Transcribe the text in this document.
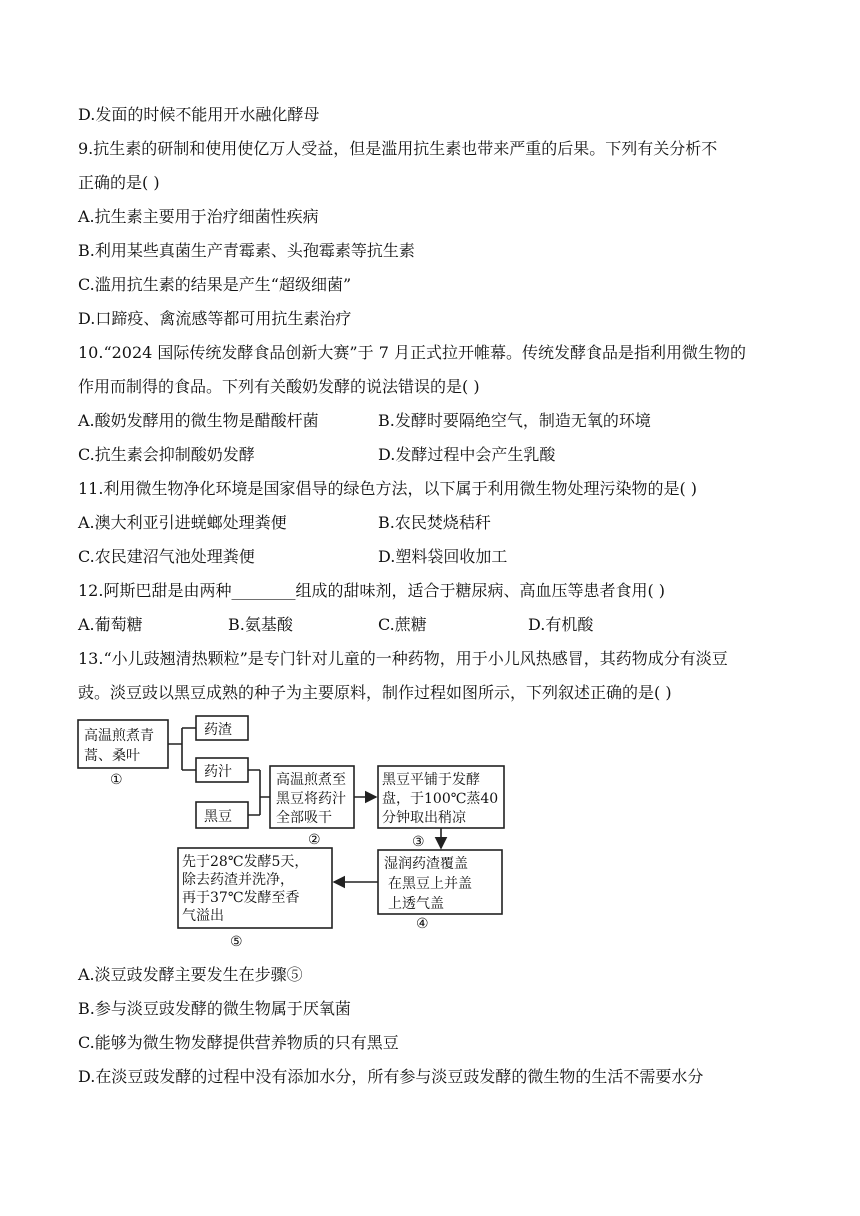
D.发面的时候不能用开水融化酵母
9.抗生素的研制和使用使亿万人受益，但是滥用抗生素也带来严重的后果。下列有关分析不
正确的是( )
A.抗生素主要用于治疗细菌性疾病
B.利用某些真菌生产青霉素、头孢霉素等抗生素
C.滥用抗生素的结果是产生“超级细菌”
D.口蹄疫、禽流感等都可用抗生素治疗
10.“2024 国际传统发酵食品创新大赛”于 7 月正式拉开帷幕。传统发酵食品是指利用微生物的
作用而制得的食品。下列有关酸奶发酵的说法错误的是( )
A.酸奶发酵用的微生物是醋酸杆菌	B.发酵时要隔绝空气，制造无氧的环境
C.抗生素会抑制酸奶发酵	D.发酵过程中会产生乳酸
11.利用微生物净化环境是国家倡导的绿色方法，以下属于利用微生物处理污染物的是( )
A.澳大利亚引进蜣螂处理粪便	B.农民焚烧秸秆
C.农民建沼气池处理粪便	D.塑料袋回收加工
12.阿斯巴甜是由两种________组成的甜味剂，适合于糖尿病、高血压等患者食用( )
A.葡萄糖	B.氨基酸	C.蔗糖	D.有机酸
13.“小儿豉翘清热颗粒”是专门针对儿童的一种药物，用于小儿风热感冒，其药物成分有淡豆
豉。淡豆豉以黑豆成熟的种子为主要原料，制作过程如图所示，下列叙述正确的是( )
高温煎煮青
蒿、桑叶
①
药渣
药汁
黑豆
高温煎煮至
黑豆将药汁
全部吸干
②
黑豆平铺于发酵
盘，于100℃蒸40
分钟取出稍凉
③
湿润药渣覆盖
在黑豆上并盖
上透气盖
④
先于28℃发酵5天，
除去药渣并洗净，
再于37℃发酵至香
气溢出
⑤
A.淡豆豉发酵主要发生在步骤⑤
B.参与淡豆豉发酵的微生物属于厌氧菌
C.能够为微生物发酵提供营养物质的只有黑豆
D.在淡豆豉发酵的过程中没有添加水分，所有参与淡豆豉发酵的微生物的生活不需要水分
